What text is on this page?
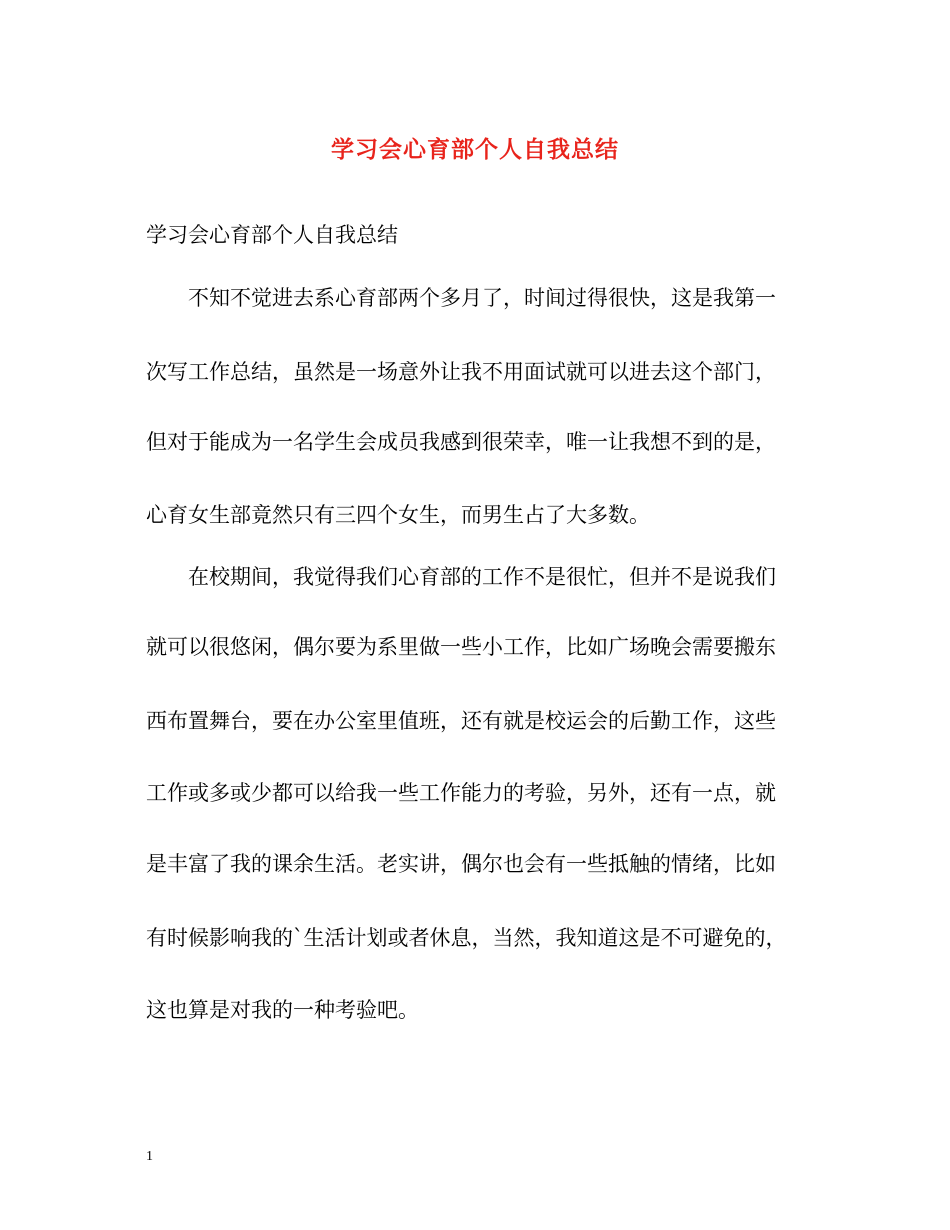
学习会心育部个人自我总结
学习会心育部个人自我总结
不知不觉进去系心育部两个多月了，时间过得很快，这是我第一
次写工作总结，虽然是一场意外让我不用面试就可以进去这个部门，
但对于能成为一名学生会成员我感到很荣幸，唯一让我想不到的是，
心育女生部竟然只有三四个女生，而男生占了大多数。
在校期间，我觉得我们心育部的工作不是很忙，但并不是说我们
就可以很悠闲，偶尔要为系里做一些小工作，比如广场晚会需要搬东
西布置舞台，要在办公室里值班，还有就是校运会的后勤工作，这些
工作或多或少都可以给我一些工作能力的考验，另外，还有一点，就
是丰富了我的课余生活。老实讲，偶尔也会有一些抵触的情绪，比如
有时候影响我的`生活计划或者休息，当然，我知道这是不可避免的，
这也算是对我的一种考验吧。
1
